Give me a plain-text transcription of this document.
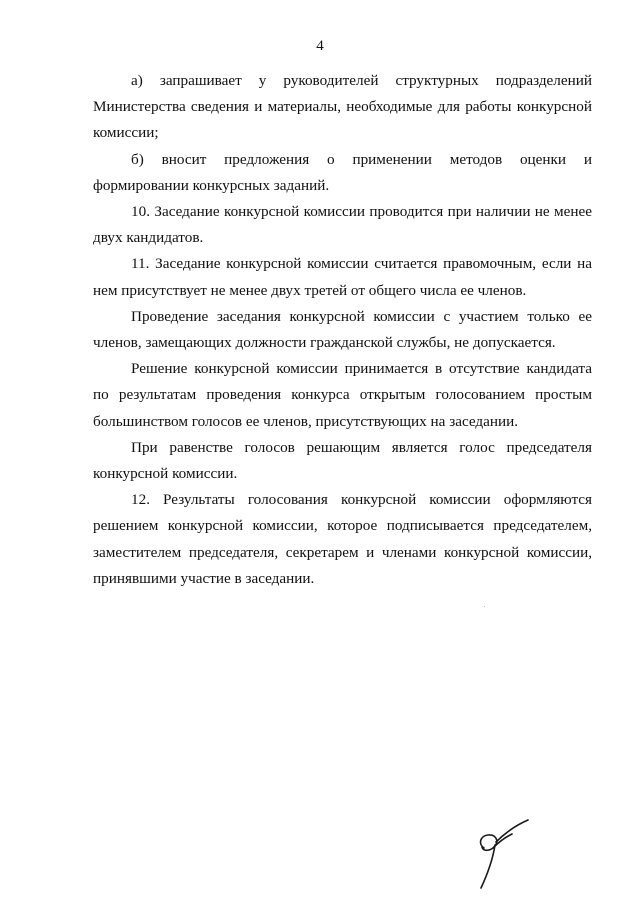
4

а) запрашивает у руководителей структурных подразделений Министерства сведения и материалы, необходимые для работы конкурсной комиссии;

б) вносит предложения о применении методов оценки и формировании конкурсных заданий.

10. Заседание конкурсной комиссии проводится при наличии не менее двух кандидатов.

11. Заседание конкурсной комиссии считается правомочным, если на нем присутствует не менее двух третей от общего числа ее членов.

Проведение заседания конкурсной комиссии с участием только ее членов, замещающих должности гражданской службы, не допускается.

Решение конкурсной комиссии принимается в отсутствие кандидата по результатам проведения конкурса открытым голосованием простым большинством голосов ее членов, присутствующих на заседании.

При равенстве голосов решающим является голос председателя конкурсной комиссии.

12. Результаты голосования конкурсной комиссии оформляются решением конкурсной комиссии, которое подписывается председателем, заместителем председателя, секретарем и членами конкурсной комиссии, принявшими участие в заседании.
